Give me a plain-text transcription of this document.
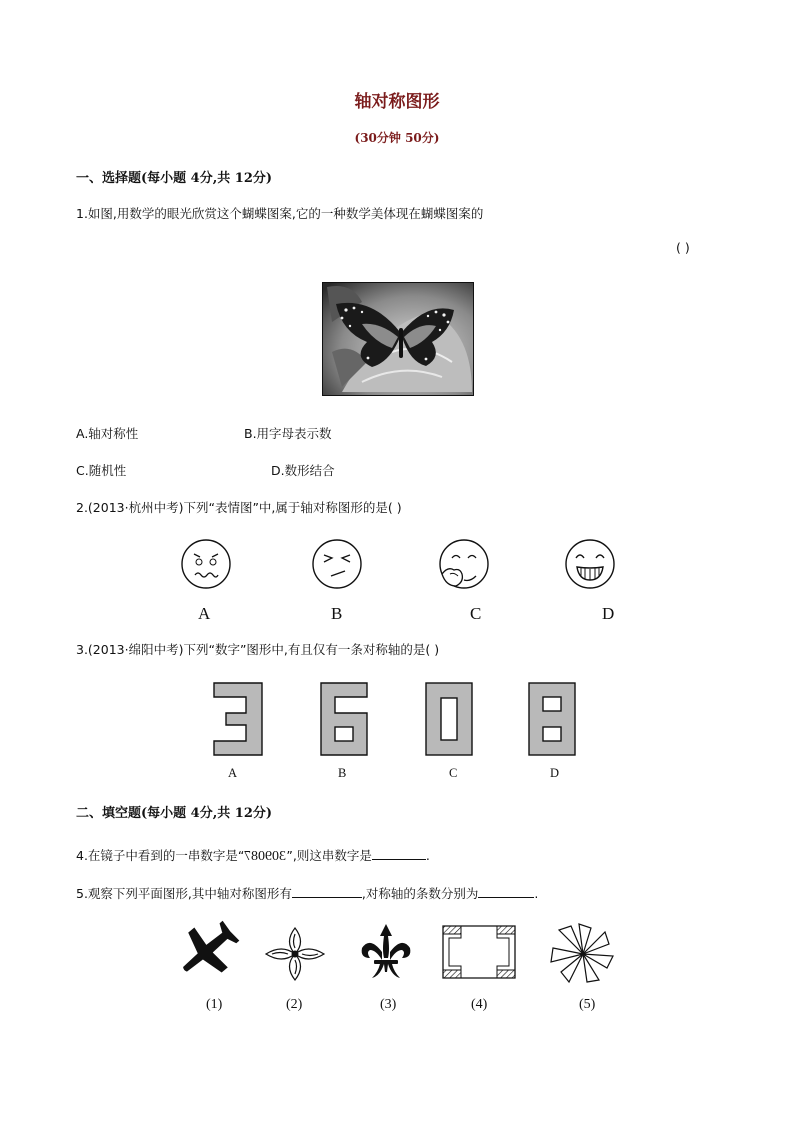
轴对称图形
(30分钟 50分)
一、选择题(每小题 4分,共 12分)
1.如图,用数学的眼光欣赏这个蝴蝶图案,它的一种数学美体现在蝴蝶图案的
( )
A.轴对称性	B.用字母表示数
C.随机性	D.数形结合
2.(2013·杭州中考)下列“表情图”中,属于轴对称图形的是( )
A	B	C	D
3.(2013·绵阳中考)下列“数字”图形中,有且仅有一条对称轴的是( )
A	B	C	D
二、填空题(每小题 4分,共 12分)
4.在镜子中看到的一串数字是“309087”,则这串数字是	.
5.观察下列平面图形,其中轴对称图形有	,对称轴的条数分别为	.
(1)	(2)	(3)	(4)	(5)
